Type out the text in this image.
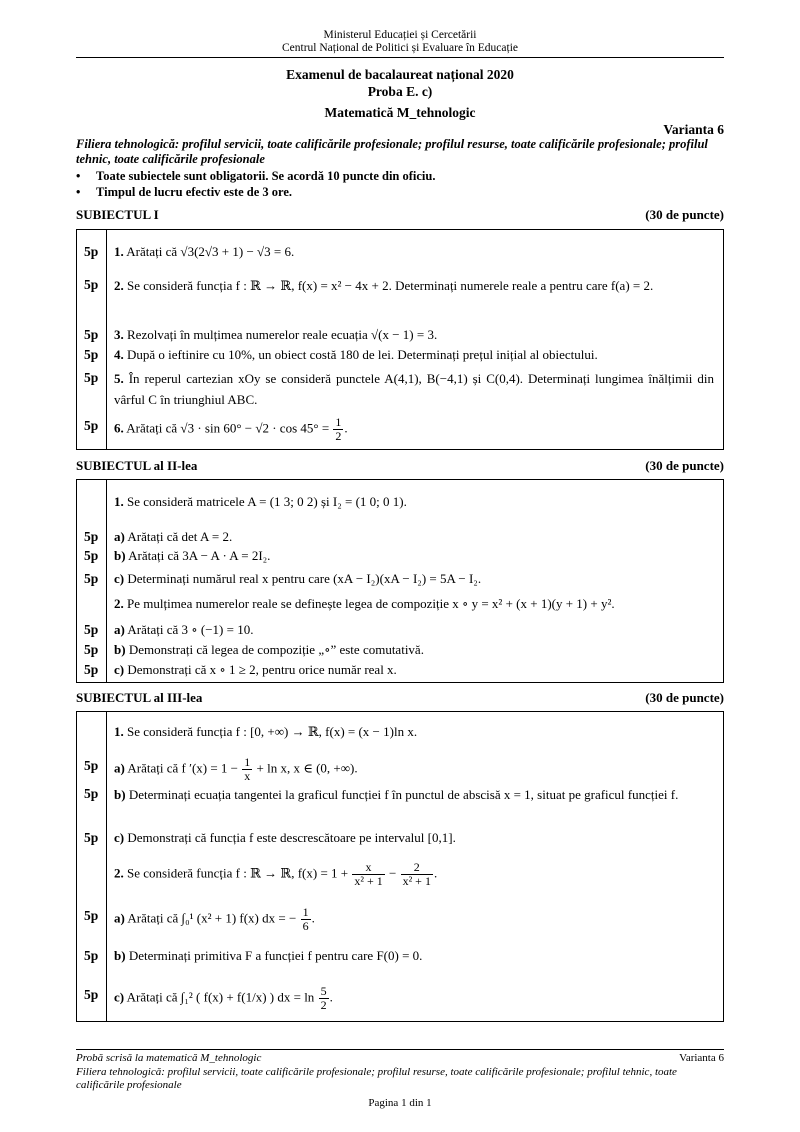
Ministerul Educației și Cercetării
Centrul Național de Politici și Evaluare în Educație
Examenul de bacalaureat național 2020
Proba E. c)
Matematică M_tehnologic
Varianta 6
Filiera tehnologică: profilul servicii, toate calificările profesionale; profilul resurse, toate calificările profesionale; profilul tehnic, toate calificările profesionale
• Toate subiectele sunt obligatorii. Se acordă 10 puncte din oficiu.
• Timpul de lucru efectiv este de 3 ore.
SUBIECTUL I	(30 de puncte)
5p 1. Arătați că √3(2√3 + 1) − √3 = 6.
5p 2. Se consideră funcția f : ℝ → ℝ, f(x) = x² − 4x + 2. Determinați numerele reale a pentru care f(a) = 2.
5p 3. Rezolvați în mulțimea numerelor reale ecuația √(x − 1) = 3.
5p 4. După o ieftinire cu 10%, un obiect costă 180 de lei. Determinați prețul inițial al obiectului.
5p 5. În reperul cartezian xOy se consideră punctele A(4,1), B(−4,1) și C(0,4). Determinați lungimea înălțimii din vârful C în triunghiul ABC.
5p 6. Arătați că $√3 \cdot \sin 60^\circ - √2 \cdot \cos 45^\circ = \frac{1}{2}$ .
SUBIECTUL al II-lea	(30 de puncte)
1. Se consideră matricele A = (1 3; 0 2) și I₂ = (1 0; 0 1).
5p a) Arătați că det A = 2.
5p b) Arătați că 3A − A · A = 2I₂.
5p c) Determinați numărul real x pentru care (xA − I₂)(xA − I₂) = 5A − I₂.
2. Pe mulțimea numerelor reale se definește legea de compoziție x ∘ y = x² + (x + 1)(y + 1) + y².
5p a) Arătați că 3 ∘ (−1) = 10.
5p b) Demonstrați că legea de compoziție „∘” este comutativă.
5p c) Demonstrați că x ∘ 1 ≥ 2, pentru orice număr real x.
SUBIECTUL al III-lea	(30 de puncte)
1. Se consideră funcția f : [0, +∞) → ℝ, f(x) = (x − 1)ln x.
5p a) Arătați că f $'(x) = 1 - \frac{1}{x} + \ln x$, x ∈ (0, +∞).
5p b) Determinați ecuația tangentei la graficul funcției f în punctul de abscisă x = 1, situat pe graficul funcției f.
5p c) Demonstrați că funcția f este descrescătoare pe intervalul [0,1].
2. Se consideră funcția f : ℝ → ℝ, $f(x) = 1 + \frac{x}{\text{x² + 1}} - \frac{2}{\text{x² + 1}}$ .
5p a) Arătați că ∫₀¹ (x² + 1) f(x) dx = − $\frac{1}{6}$ .
5p b) Determinați primitiva F a funcției f pentru care F(0) = 0.
5p c) Arătați că ∫₁² ( f(x) + f(1/x) ) dx = $\ln \frac{5}{2}$ .
Probă scrisă la matematică M_tehnologic	Varianta 6
Filiera tehnologică: profilul servicii, toate calificările profesionale; profilul resurse, toate calificările profesionale; profilul tehnic, toate calificările profesionale
Pagina 1 din 1
